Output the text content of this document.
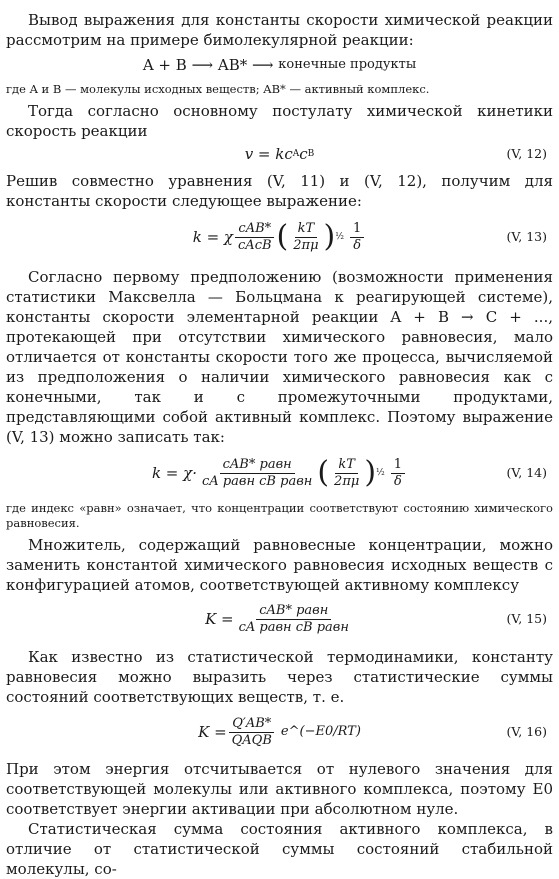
Вывод выражения для константы скорости химической реакции рассмотрим на примере бимолекулярной реакции:

A + B
⟶
AB*
⟶
конечные продукты

где A и B — молекулы исходных веществ; AB* — активный комплекс.

Тогда согласно основному постулату химической кинетики скорость реакции

v = kc A c B	(V, 12)

Решив совместно уравнения (V, 11) и (V, 12), получим для константы скорости следующее выражение:

k = χ $\frac{\text{cAB*}}{\text{cAcB}}$ ( $\frac{kT}{2\pi\mu}$ ) ½ $\frac{1}{\delta}$	(V, 13)

Согласно первому предположению (возможности применения статистики Максвелла — Больцмана к реагирующей системе), константы скорости элементарной реакции A + B → C + ..., протекающей при отсутствии химического равновесия, мало отличается от константы скорости того же процесса, вычисляемой из предположения о наличии химического равновесия как с конечными, так и с промежуточными продуктами, представляющими собой активный комплекс. Поэтому выражение (V, 13) можно записать так:

$k = \chi\cdot \frac{\text{cAB* равн}}{\text{cA равн cB равн}}$ ( $\frac{kT}{2\pi\mu}$ ) ½ $\frac{1}{\delta}$	(V, 14)

где индекс «равн» означает, что концентрации соответствуют состоянию химического равновесия.

Множитель, содержащий равновесные концентрации, можно заменить константой химического равновесия исходных веществ с конфигурацией атомов, соответствующей активному комплексу

$K = \frac{\text{cAB* равн}}{\text{cA равн cB равн}}$	(V, 15)

Как известно из статистической термодинамики, константу равновесия можно выразить через статистические суммы состояний соответствующих веществ, т. е.

$K = \frac{Q'AB*}{\text{QAQB}}$ e^(−E0/RT)	(V, 16)

При этом энергия отсчитывается от нулевого значения для соответствующей молекулы или активного комплекса, поэтому E0 соответствует энергии активации при абсолютном нуле.

Статистическая сумма состояния активного комплекса, в отличие от статистической суммы состояний стабильной молекулы, со-
